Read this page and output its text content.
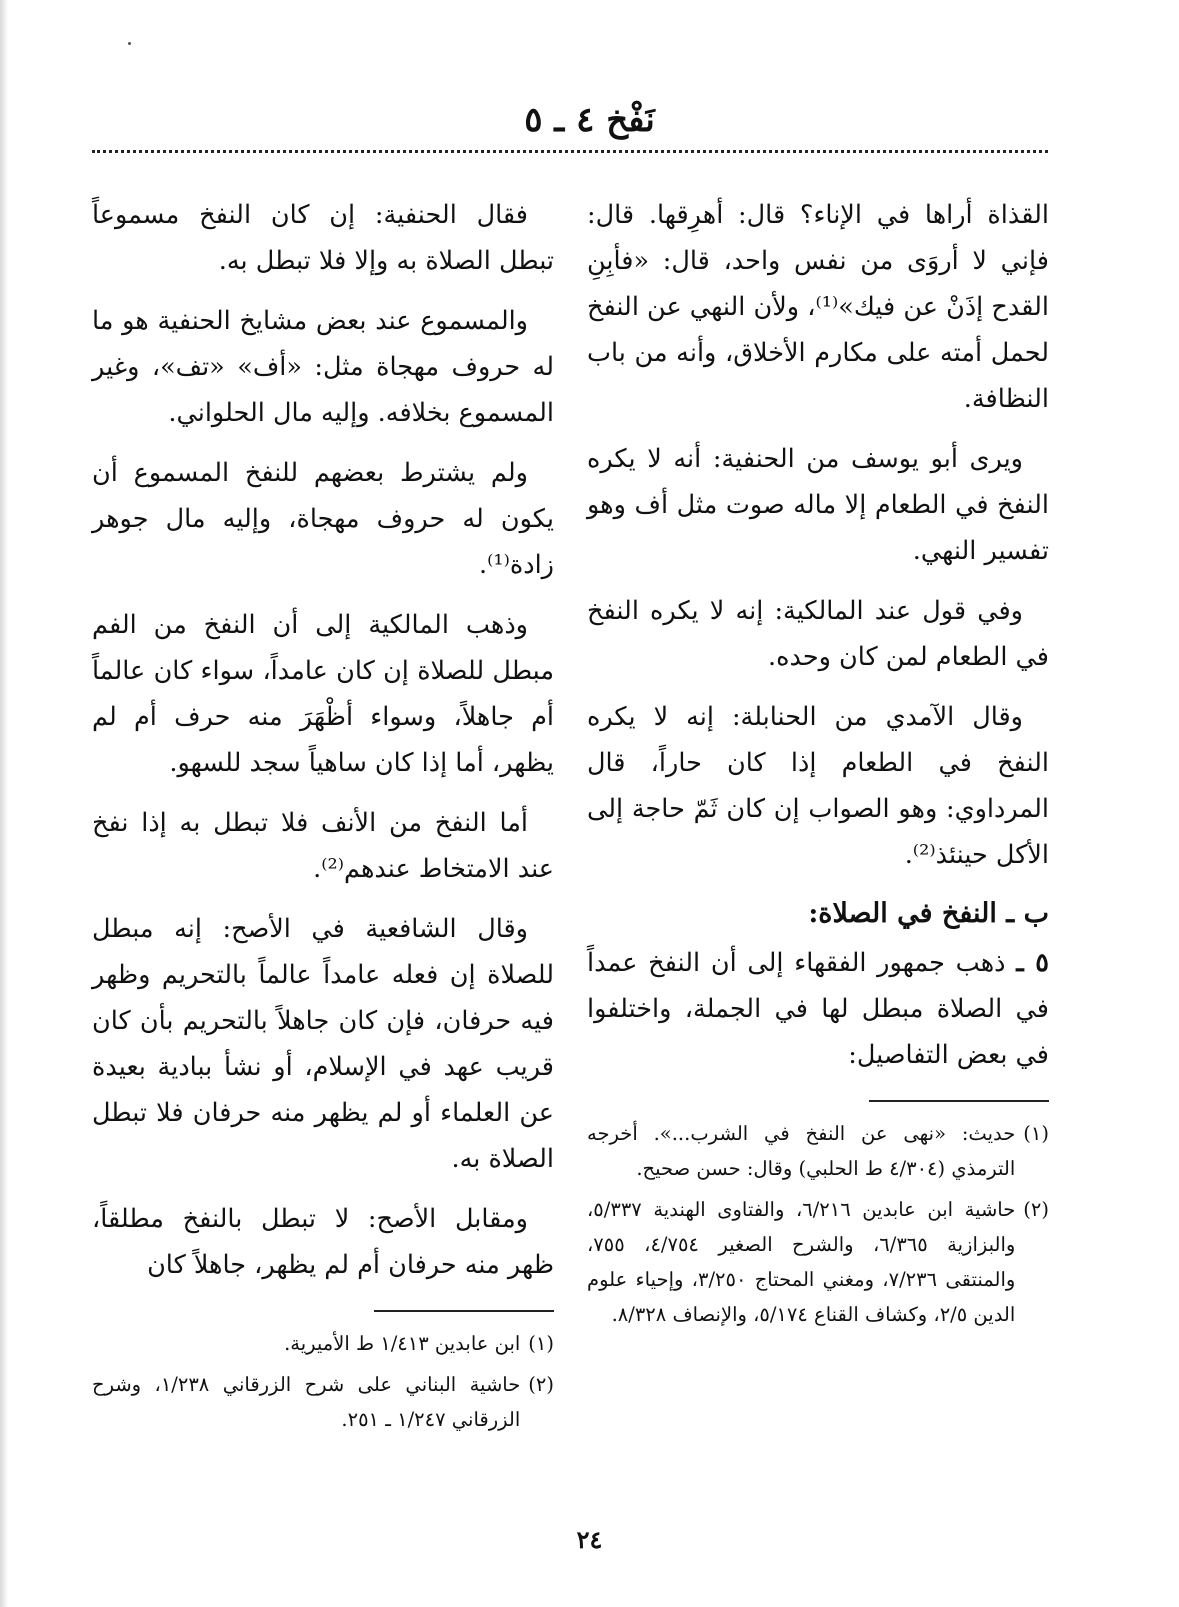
نَفْخ ٤ ـ ٥

القذاة أراها في الإناء؟ قال: أهرِقها. قال: فإني لا أروَى من نفس واحد، قال: «فأبِنِ القدح إذَنْ عن فيك»⁽¹⁾، ولأن النهي عن النفخ لحمل أمته على مكارم الأخلاق، وأنه من باب النظافة.

ويرى أبو يوسف من الحنفية: أنه لا يكره النفخ في الطعام إلا ماله صوت مثل أف وهو تفسير النهي.

وفي قول عند المالكية: إنه لا يكره النفخ في الطعام لمن كان وحده.

وقال الآمدي من الحنابلة: إنه لا يكره النفخ في الطعام إذا كان حاراً، قال المرداوي: وهو الصواب إن كان ثَمّ حاجة إلى الأكل حينئذ⁽²⁾.

ب ـ النفخ في الصلاة:

٥ ـ ذهب جمهور الفقهاء إلى أن النفخ عمداً في الصلاة مبطل لها في الجملة، واختلفوا في بعض التفاصيل:

(١)
حديث: «نهى عن النفخ في الشرب...». أخرجه الترمذي (٤/٣٠٤ ط الحلبي) وقال: حسن صحيح.
(٢)
حاشية ابن عابدين ٦/٢١٦، والفتاوى الهندية ٥/٣٣٧، والبزازية ٦/٣٦٥، والشرح الصغير ٤/٧٥٤، ٧٥٥، والمنتقى ٧/٢٣٦، ومغني المحتاج ٣/٢٥٠، وإحياء علوم الدين ٢/٥، وكشاف القناع ٥/١٧٤، والإنصاف ٨/٣٢٨.

فقال الحنفية: إن كان النفخ مسموعاً تبطل الصلاة به وإلا فلا تبطل به.

والمسموع عند بعض مشايخ الحنفية هو ما له حروف مهجاة مثل: «أف» «تف»، وغير المسموع بخلافه. وإليه مال الحلواني.

ولم يشترط بعضهم للنفخ المسموع أن يكون له حروف مهجاة، وإليه مال جوهر زادة⁽¹⁾.

وذهب المالكية إلى أن النفخ من الفم مبطل للصلاة إن كان عامداً، سواء كان عالماً أم جاهلاً، وسواء أظْهَرَ منه حرف أم لم يظهر، أما إذا كان ساهياً سجد للسهو.

أما النفخ من الأنف فلا تبطل به إذا نفخ عند الامتخاط عندهم⁽²⁾.

وقال الشافعية في الأصح: إنه مبطل للصلاة إن فعله عامداً عالماً بالتحريم وظهر فيه حرفان، فإن كان جاهلاً بالتحريم بأن كان قريب عهد في الإسلام، أو نشأ ببادية بعيدة عن العلماء أو لم يظهر منه حرفان فلا تبطل الصلاة به.

ومقابل الأصح: لا تبطل بالنفخ مطلقاً، ظهر منه حرفان أم لم يظهر، جاهلاً كان

(١)
ابن عابدين ١/٤١٣ ط الأميرية.
(٢)
حاشية البناني على شرح الزرقاني ١/٢٣٨، وشرح الزرقاني ١/٢٤٧ ـ ٢٥١.
٢٤
